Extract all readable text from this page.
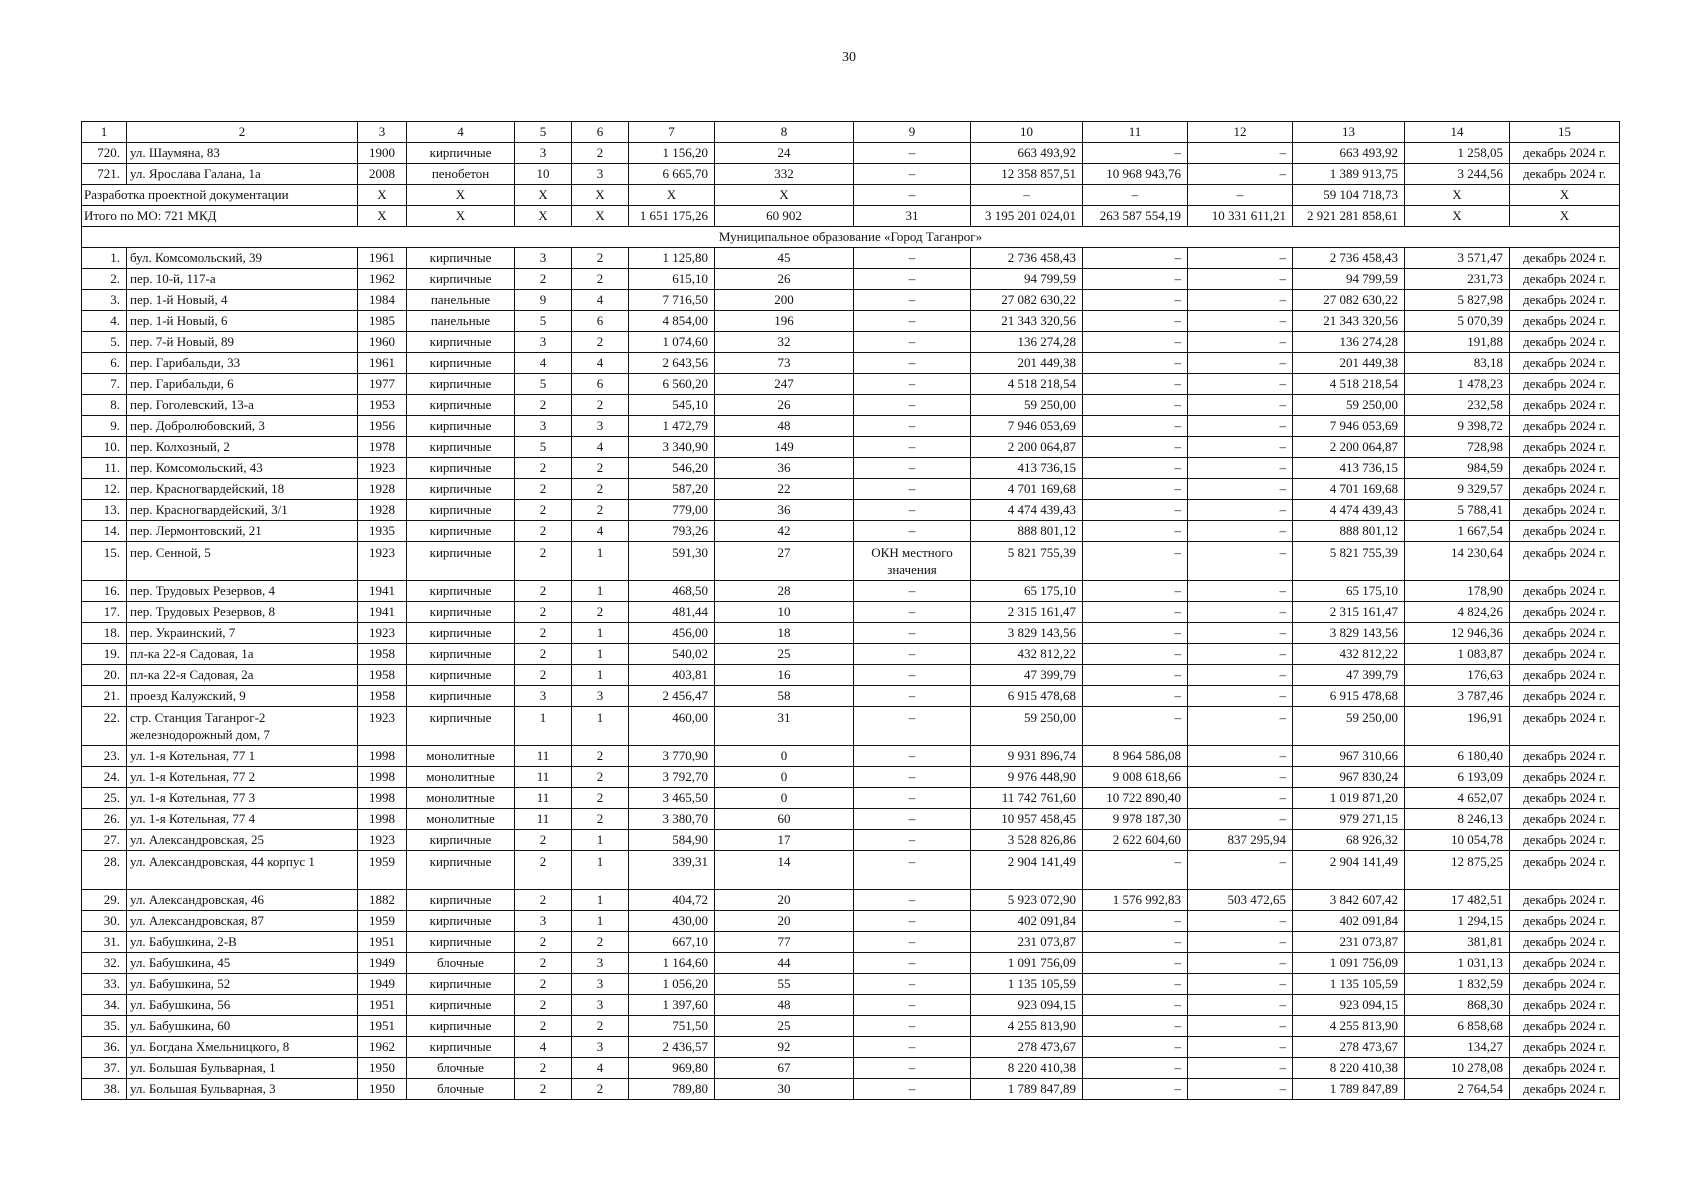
30
1	2	3	4	5	6	7	8	9	10	11	12	13	14	15
720.	ул. Шаумяна, 83	1900	кирпичные	3	2	1 156,20	24	–	663 493,92	–	–	663 493,92	1 258,05	декабрь 2024 г.
721.	ул. Ярослава Галана, 1а	2008	пенобетон	10	3	6 665,70	332	–	12 358 857,51	10 968 943,76	–	1 389 913,75	3 244,56	декабрь 2024 г.
Разработка проектной документации		X	X	X	X	X	X	–	–	–	–	59 104 718,73	X	X
Итого по МО: 721 МКД		X	X	X	X	1 651 175,26	60 902	31	3 195 201 024,01	263 587 554,19	10 331 611,21	2 921 281 858,61	X	X
Муниципальное образование «Город Таганрог»														
1.	бул. Комсомольский, 39	1961	кирпичные	3	2	1 125,80	45	–	2 736 458,43	–	–	2 736 458,43	3 571,47	декабрь 2024 г.
2.	пер. 10-й, 117-а	1962	кирпичные	2	2	615,10	26	–	94 799,59	–	–	94 799,59	231,73	декабрь 2024 г.
3.	пер. 1-й Новый, 4	1984	панельные	9	4	7 716,50	200	–	27 082 630,22	–	–	27 082 630,22	5 827,98	декабрь 2024 г.
4.	пер. 1-й Новый, 6	1985	панельные	5	6	4 854,00	196	–	21 343 320,56	–	–	21 343 320,56	5 070,39	декабрь 2024 г.
5.	пер. 7-й Новый, 89	1960	кирпичные	3	2	1 074,60	32	–	136 274,28	–	–	136 274,28	191,88	декабрь 2024 г.
6.	пер. Гарибальди, 33	1961	кирпичные	4	4	2 643,56	73	–	201 449,38	–	–	201 449,38	83,18	декабрь 2024 г.
7.	пер. Гарибальди, 6	1977	кирпичные	5	6	6 560,20	247	–	4 518 218,54	–	–	4 518 218,54	1 478,23	декабрь 2024 г.
8.	пер. Гоголевский, 13-а	1953	кирпичные	2	2	545,10	26	–	59 250,00	–	–	59 250,00	232,58	декабрь 2024 г.
9.	пер. Добролюбовский, 3	1956	кирпичные	3	3	1 472,79	48	–	7 946 053,69	–	–	7 946 053,69	9 398,72	декабрь 2024 г.
10.	пер. Колхозный, 2	1978	кирпичные	5	4	3 340,90	149	–	2 200 064,87	–	–	2 200 064,87	728,98	декабрь 2024 г.
11.	пер. Комсомольский, 43	1923	кирпичные	2	2	546,20	36	–	413 736,15	–	–	413 736,15	984,59	декабрь 2024 г.
12.	пер. Красногвардейский, 18	1928	кирпичные	2	2	587,20	22	–	4 701 169,68	–	–	4 701 169,68	9 329,57	декабрь 2024 г.
13.	пер. Красногвардейский, 3/1	1928	кирпичные	2	2	779,00	36	–	4 474 439,43	–	–	4 474 439,43	5 788,41	декабрь 2024 г.
14.	пер. Лермонтовский, 21	1935	кирпичные	2	4	793,26	42	–	888 801,12	–	–	888 801,12	1 667,54	декабрь 2024 г.
15.	пер. Сенной, 5	1923	кирпичные	2	1	591,30	27	ОКН местного значения	5 821 755,39	–	–	5 821 755,39	14 230,64	декабрь 2024 г.
16.	пер. Трудовых Резервов, 4	1941	кирпичные	2	1	468,50	28	–	65 175,10	–	–	65 175,10	178,90	декабрь 2024 г.
17.	пер. Трудовых Резервов, 8	1941	кирпичные	2	2	481,44	10	–	2 315 161,47	–	–	2 315 161,47	4 824,26	декабрь 2024 г.
18.	пер. Украинский, 7	1923	кирпичные	2	1	456,00	18	–	3 829 143,56	–	–	3 829 143,56	12 946,36	декабрь 2024 г.
19.	пл-ка 22-я Садовая, 1а	1958	кирпичные	2	1	540,02	25	–	432 812,22	–	–	432 812,22	1 083,87	декабрь 2024 г.
20.	пл-ка 22-я Садовая, 2а	1958	кирпичные	2	1	403,81	16	–	47 399,79	–	–	47 399,79	176,63	декабрь 2024 г.
21.	проезд Калужский, 9	1958	кирпичные	3	3	2 456,47	58	–	6 915 478,68	–	–	6 915 478,68	3 787,46	декабрь 2024 г.
22.	стр. Станция Таганрог-2 железнодорожный дом, 7	1923	кирпичные	1	1	460,00	31	–	59 250,00	–	–	59 250,00	196,91	декабрь 2024 г.
23.	ул. 1-я Котельная, 77 1	1998	монолитные	11	2	3 770,90	0	–	9 931 896,74	8 964 586,08	–	967 310,66	6 180,40	декабрь 2024 г.
24.	ул. 1-я Котельная, 77 2	1998	монолитные	11	2	3 792,70	0	–	9 976 448,90	9 008 618,66	–	967 830,24	6 193,09	декабрь 2024 г.
25.	ул. 1-я Котельная, 77 3	1998	монолитные	11	2	3 465,50	0	–	11 742 761,60	10 722 890,40	–	1 019 871,20	4 652,07	декабрь 2024 г.
26.	ул. 1-я Котельная, 77 4	1998	монолитные	11	2	3 380,70	60	–	10 957 458,45	9 978 187,30	–	979 271,15	8 246,13	декабрь 2024 г.
27.	ул. Александровская, 25	1923	кирпичные	2	1	584,90	17	–	3 528 826,86	2 622 604,60	837 295,94	68 926,32	10 054,78	декабрь 2024 г.
28.	ул. Александровская, 44 корпус 1	1959	кирпичные	2	1	339,31	14	–	2 904 141,49	–	–	2 904 141,49	12 875,25	декабрь 2024 г.
29.	ул. Александровская, 46	1882	кирпичные	2	1	404,72	20	–	5 923 072,90	1 576 992,83	503 472,65	3 842 607,42	17 482,51	декабрь 2024 г.
30.	ул. Александровская, 87	1959	кирпичные	3	1	430,00	20	–	402 091,84	–	–	402 091,84	1 294,15	декабрь 2024 г.
31.	ул. Бабушкина, 2-В	1951	кирпичные	2	2	667,10	77	–	231 073,87	–	–	231 073,87	381,81	декабрь 2024 г.
32.	ул. Бабушкина, 45	1949	блочные	2	3	1 164,60	44	–	1 091 756,09	–	–	1 091 756,09	1 031,13	декабрь 2024 г.
33.	ул. Бабушкина, 52	1949	кирпичные	2	3	1 056,20	55	–	1 135 105,59	–	–	1 135 105,59	1 832,59	декабрь 2024 г.
34.	ул. Бабушкина, 56	1951	кирпичные	2	3	1 397,60	48	–	923 094,15	–	–	923 094,15	868,30	декабрь 2024 г.
35.	ул. Бабушкина, 60	1951	кирпичные	2	2	751,50	25	–	4 255 813,90	–	–	4 255 813,90	6 858,68	декабрь 2024 г.
36.	ул. Богдана Хмельницкого, 8	1962	кирпичные	4	3	2 436,57	92	–	278 473,67	–	–	278 473,67	134,27	декабрь 2024 г.
37.	ул. Большая Бульварная, 1	1950	блочные	2	4	969,80	67	–	8 220 410,38	–	–	8 220 410,38	10 278,08	декабрь 2024 г.
38.	ул. Большая Бульварная, 3	1950	блочные	2	2	789,80	30	–	1 789 847,89	–	–	1 789 847,89	2 764,54	декабрь 2024 г.
